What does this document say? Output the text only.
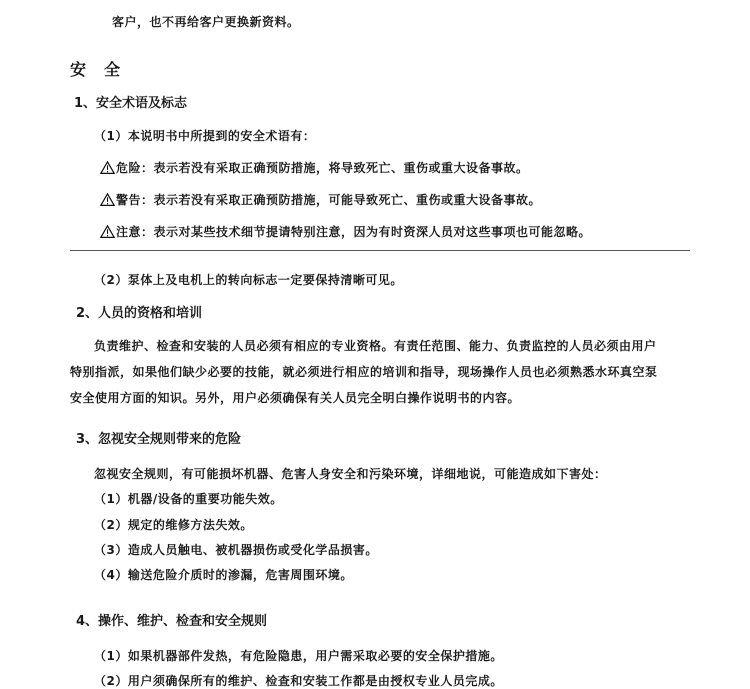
客户，也不再给客户更换新资料。
安　全
1、安全术语及标志
（1）本说明书中所提到的安全术语有：
危险：表示若没有采取正确预防措施，将导致死亡、重伤或重大设备事故。
警告：表示若没有采取正确预防措施，可能导致死亡、重伤或重大设备事故。
注意：表示对某些技术细节提请特别注意，因为有时资深人员对这些事项也可能忽略。
（2）泵体上及电机上的转向标志一定要保持清晰可见。
2、人员的资格和培训
负责维护、检查和安装的人员必须有相应的专业资格。有责任范围、能力、负责监控的人员必须由用户
特别指派，如果他们缺少必要的技能，就必须进行相应的培训和指导，现场操作人员也必须熟悉水环真空泵
安全使用方面的知识。另外，用户必须确保有关人员完全明白操作说明书的内容。
3、忽视安全规则带来的危险
忽视安全规则，有可能损坏机器、危害人身安全和污染环境，详细地说，可能造成如下害处：
（1）机器/设备的重要功能失效。
（2）规定的维修方法失效。
（3）造成人员触电、被机器损伤或受化学品损害。
（4）输送危险介质时的渗漏，危害周围环境。
4、操作、维护、检查和安全规则
（1）如果机器部件发热，有危险隐患，用户需采取必要的安全保护措施。
（2）用户须确保所有的维护、检查和安装工作都是由授权专业人员完成。
